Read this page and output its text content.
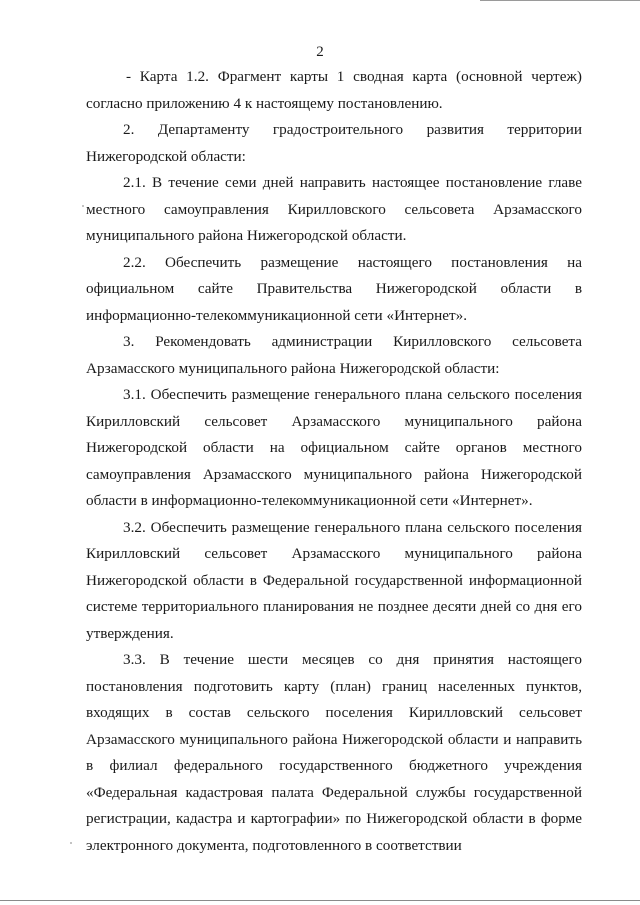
2

- Карта 1.2. Фрагмент карты 1 сводная карта (основной чертеж) согласно приложению 4 к настоящему постановлению.

2. Департаменту градостроительного развития территории Нижегородской области:

2.1. В течение семи дней направить настоящее постановление главе местного самоуправления Кирилловского сельсовета Арзамасского муниципального района Нижегородской области.

2.2. Обеспечить размещение настоящего постановления на официальном сайте Правительства Нижегородской области в информационно-телекоммуникационной сети «Интернет».

3. Рекомендовать администрации Кирилловского сельсовета Арзамасского муниципального района Нижегородской области:

3.1. Обеспечить размещение генерального плана сельского поселения Кирилловский сельсовет Арзамасского муниципального района Нижегородской области на официальном сайте органов местного самоуправления Арзамасского муниципального района Нижегородской области в информационно-телекоммуникационной сети «Интернет».

3.2. Обеспечить размещение генерального плана сельского поселения Кирилловский сельсовет Арзамасского муниципального района Нижегородской области в Федеральной государственной информационной системе территориального планирования не позднее десяти дней со дня его утверждения.

3.3. В течение шести месяцев со дня принятия настоящего постановления подготовить карту (план) границ населенных пунктов, входящих в состав сельского поселения Кирилловский сельсовет Арзамасского муниципального района Нижегородской области и направить в филиал федерального государственного бюджетного учреждения «Федеральная кадастровая палата Федеральной службы государственной регистрации, кадастра и картографии» по Нижегородской области в форме электронного документа, подготовленного в соответствии
